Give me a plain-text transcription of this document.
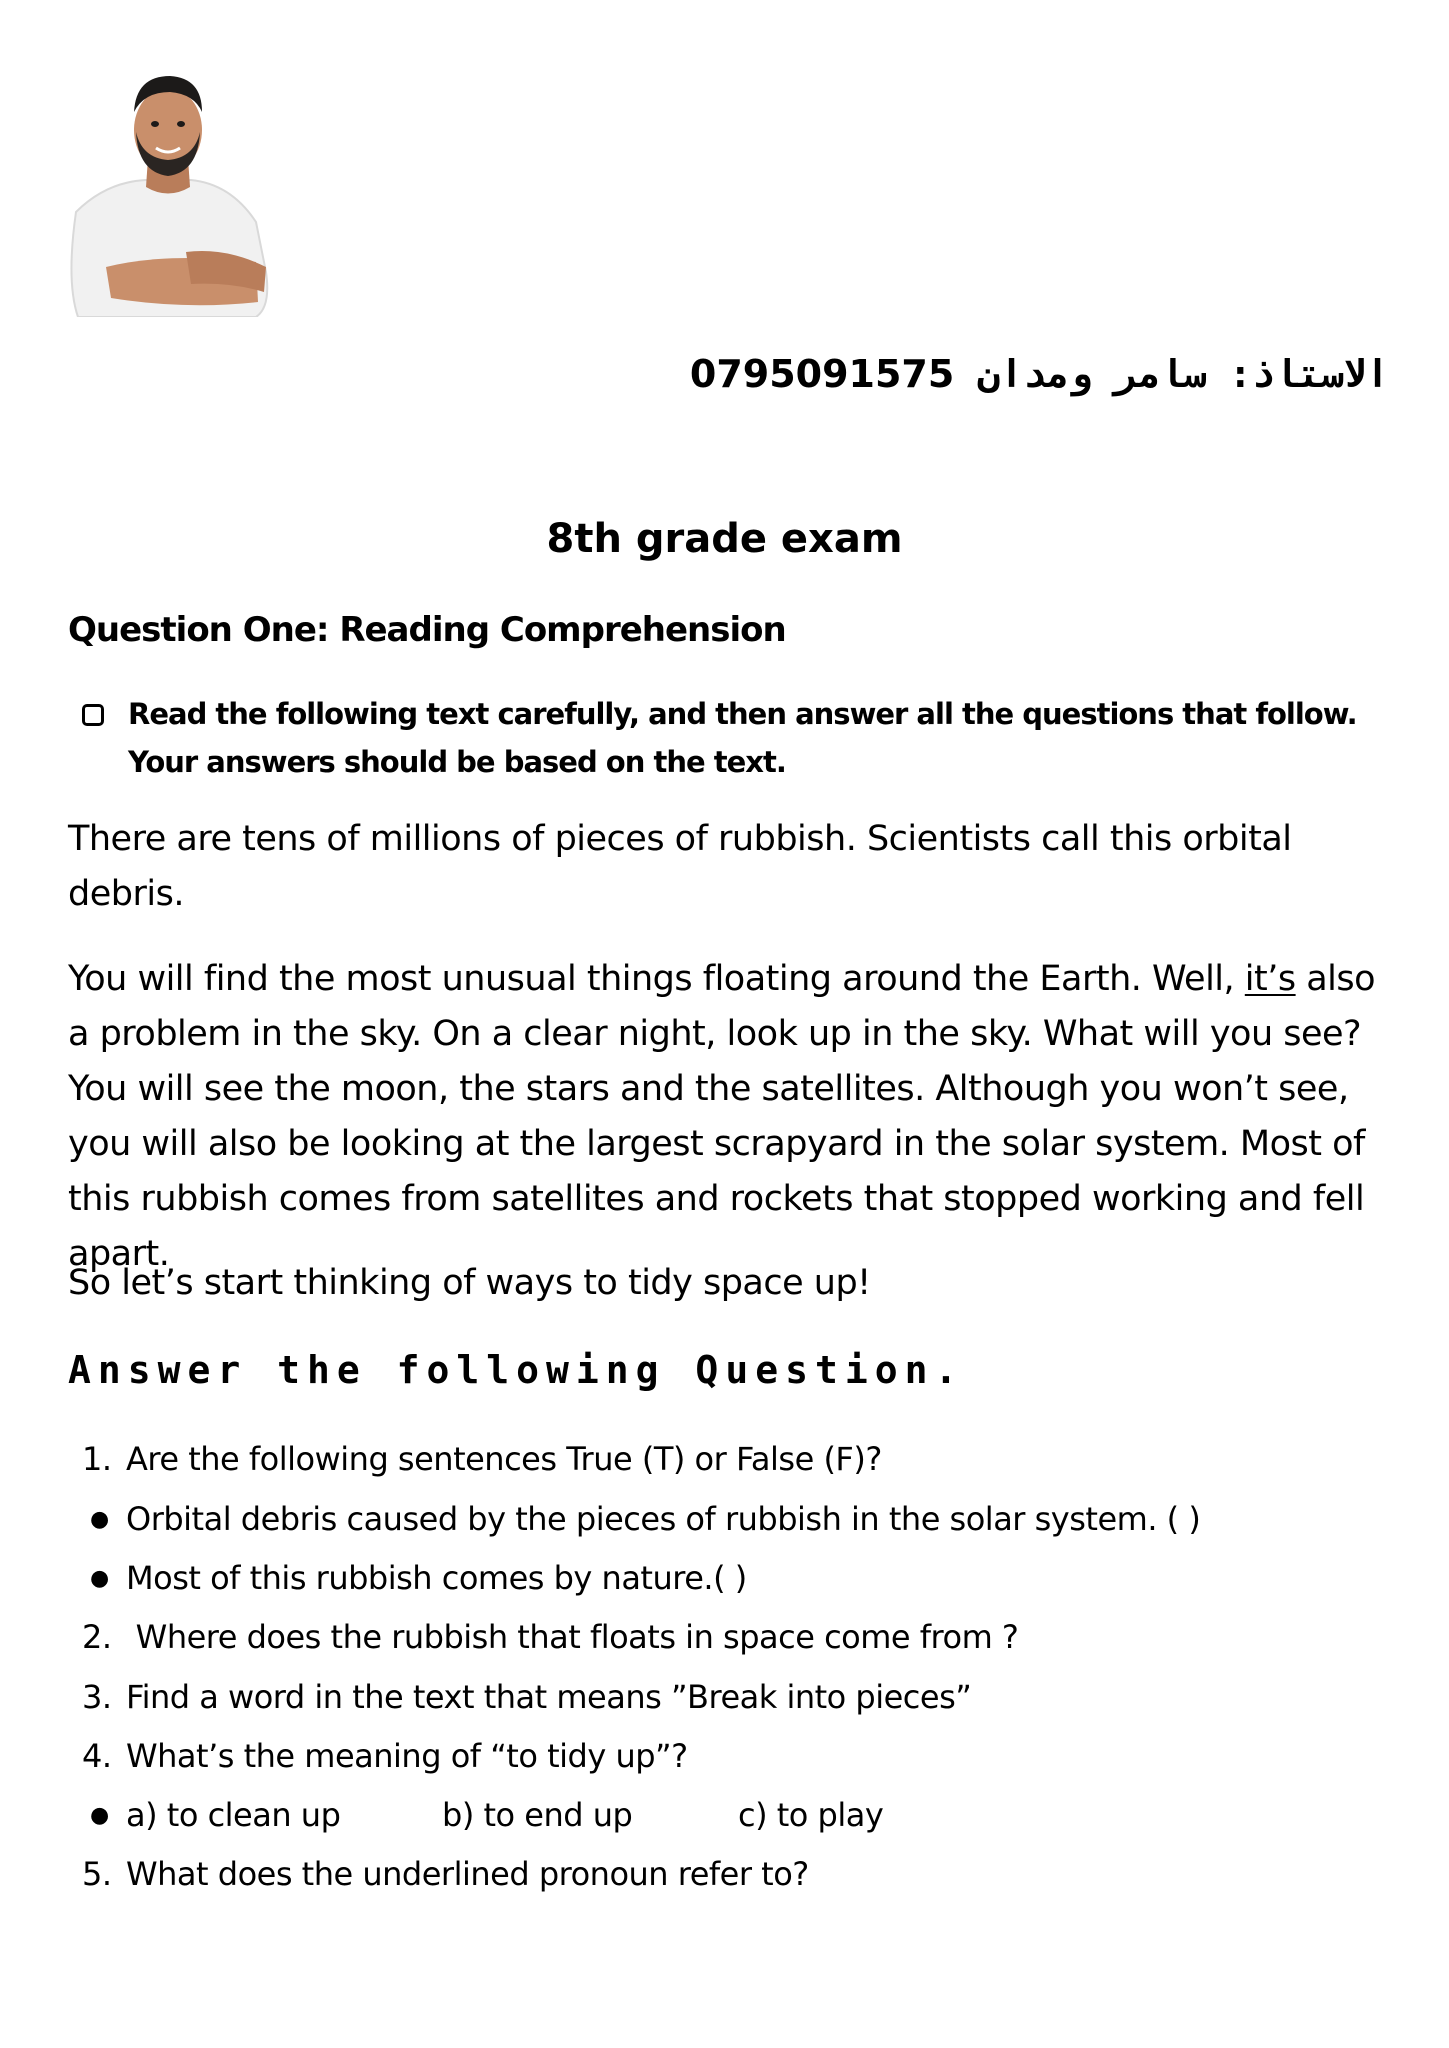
الاستاذ: سامر ومدان 0795091575
8th grade exam
Question One: Reading Comprehension
Read the following text carefully, and then answer all the questions that follow. Your answers should be based on the text.
There are tens of millions of pieces of rubbish. Scientists call this orbital debris.
You will find the most unusual things floating around the Earth. Well, it’s also a problem in the sky. On a clear night, look up in the sky. What will you see? You will see the moon, the stars and the satellites. Although you won’t see, you will also be looking at the largest scrapyard in the solar system. Most of this rubbish comes from satellites and rockets that stopped working and fell apart.
So let’s start thinking of ways to tidy space up!
Answer the following Question.
1. Are the following sentences True (T) or False (F)?
● Orbital debris caused by the pieces of rubbish in the solar system. ( )
● Most of this rubbish comes by nature.( )
2. Where does the rubbish that floats in space come from ?
3. Find a word in the text that means ”Break into pieces”
4. What’s the meaning of “to tidy up”?
● a) to clean up	b) to end up	c) to play
5. What does the underlined pronoun refer to?
